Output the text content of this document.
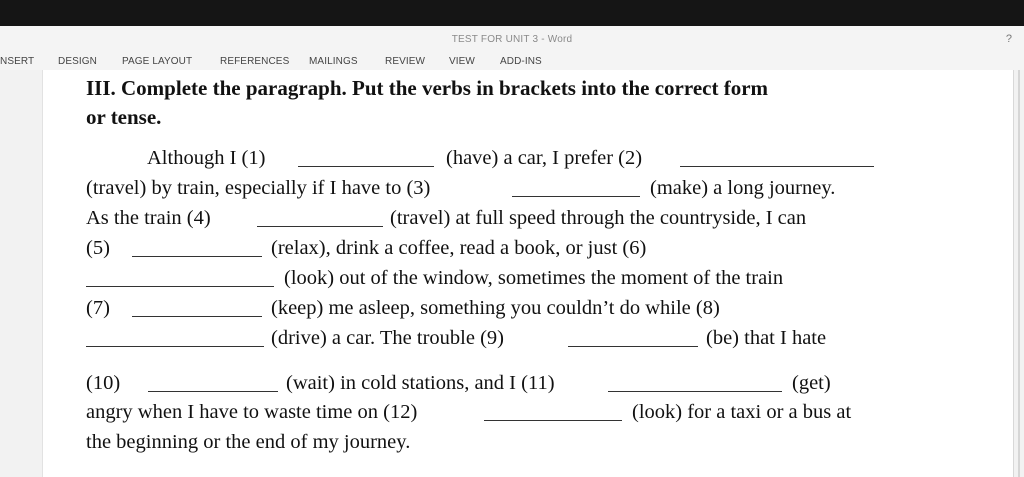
TEST FOR UNIT 3 - Word	?
NSERT DESIGN	PAGE LAYOUT	REFERENCES MAILINGS	REVIEW VIEW	ADD-INS
III. Complete the paragraph. Put the verbs in brackets into the correct form
or tense.
Although I (1)	(have) a car, I prefer (2)
(travel) by train, especially if I have to (3)	(make) a long journey.
As the train (4)	(travel) at full speed through the countryside, I can
(5)	(relax), drink a coffee, read a book, or just (6)
(look) out of the window, sometimes the moment of the train
(7)	(keep) me asleep, something you couldn’t do while (8)
(drive) a car. The trouble (9)	(be) that I hate
(10)	(wait) in cold stations, and I (11)	(get)
angry when I have to waste time on (12)	(look) for a taxi or a bus at
the beginning or the end of my journey.
